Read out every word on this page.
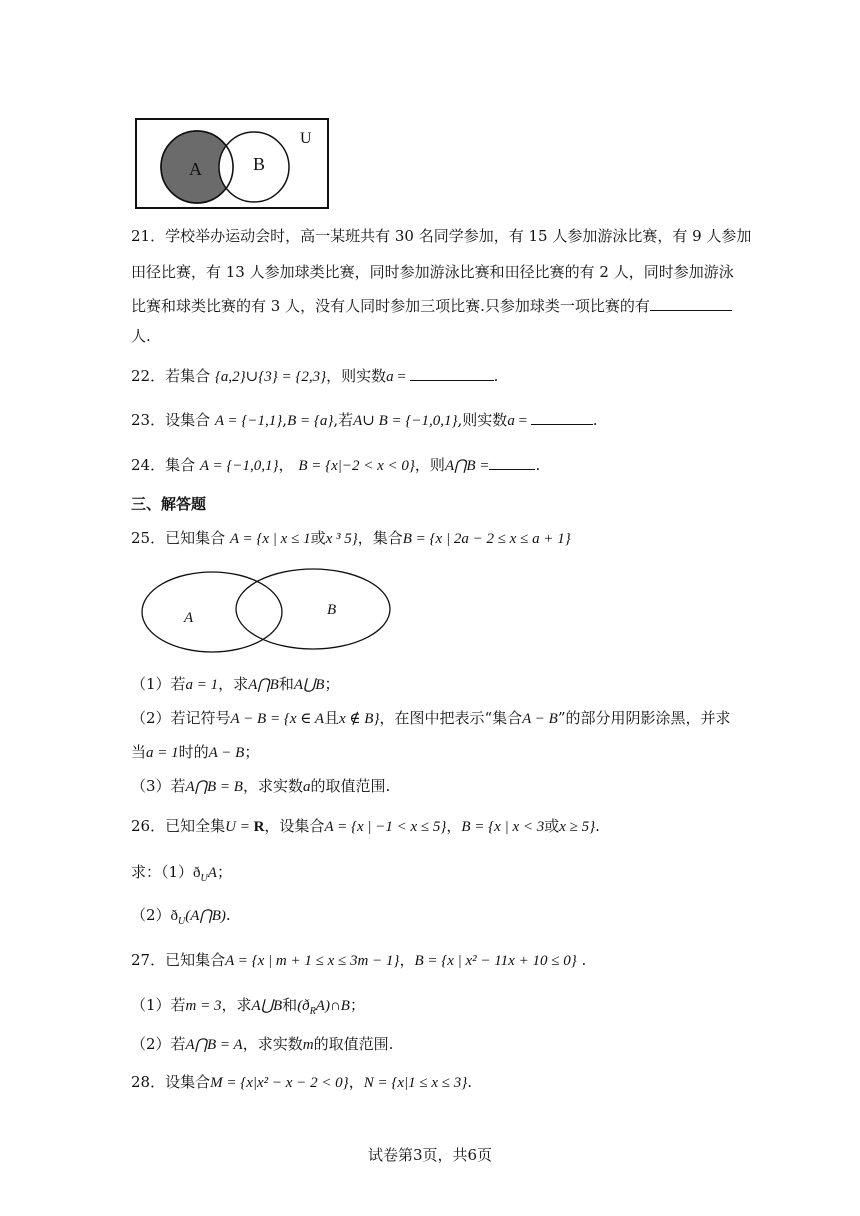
A	B
U
21．学校举办运动会时，高一某班共有 30 名同学参加，有 15 人参加游泳比赛，有 9 人参加
田径比赛，有 13 人参加球类比赛，同时参加游泳比赛和田径比赛的有 2 人，同时参加游泳
比赛和球类比赛的有 3 人，没有人同时参加三项比赛.只参加球类一项比赛的有
人.
22．若集合 {a,2}∪{3} = {2,3}，则实数a =	.
23．设集合 A = {−1,1},B = {a},若A∪ B = {−1,0,1},则实数a =	.
24．集合 A = {−1,0,1}， B = {x|−2 < x < 0}，则A⋂B =	.
三、解答题
25．已知集合 A = {x | x ≤ 1或x ³ 5}，集合B = {x | 2a − 2 ≤ x ≤ a + 1}
A	B
（1）若a = 1，求A⋂B和A⋃B；
（2）若记符号A − B = {x ∈ A且x ∉ B}，在图中把表示“集合A − B”的部分用阴影涂黑，并求
当a = 1时的A − B；
（3）若A⋂B = B，求实数a的取值范围.
26．已知全集U = R，设集合A = {x | −1 < x ≤ 5}，B = {x | x < 3或x ≥ 5}.
求：$(1)ð_UA$；
$(2)ð_U(A⋂B)$.
27．已知集合A = {x | m + 1 ≤ x ≤ 3m − 1}，B = {x | x² − 11x + 10 ≤ 0} .
（1）若m = 3，求A⋃B和$(ð_RA)\cap B$；
（2）若A⋂B = A，求实数m的取值范围.
28．设集合M = {x|x² − x − 2 < 0}，N = {x|1 ≤ x ≤ 3}.
试卷第3页，共6页
